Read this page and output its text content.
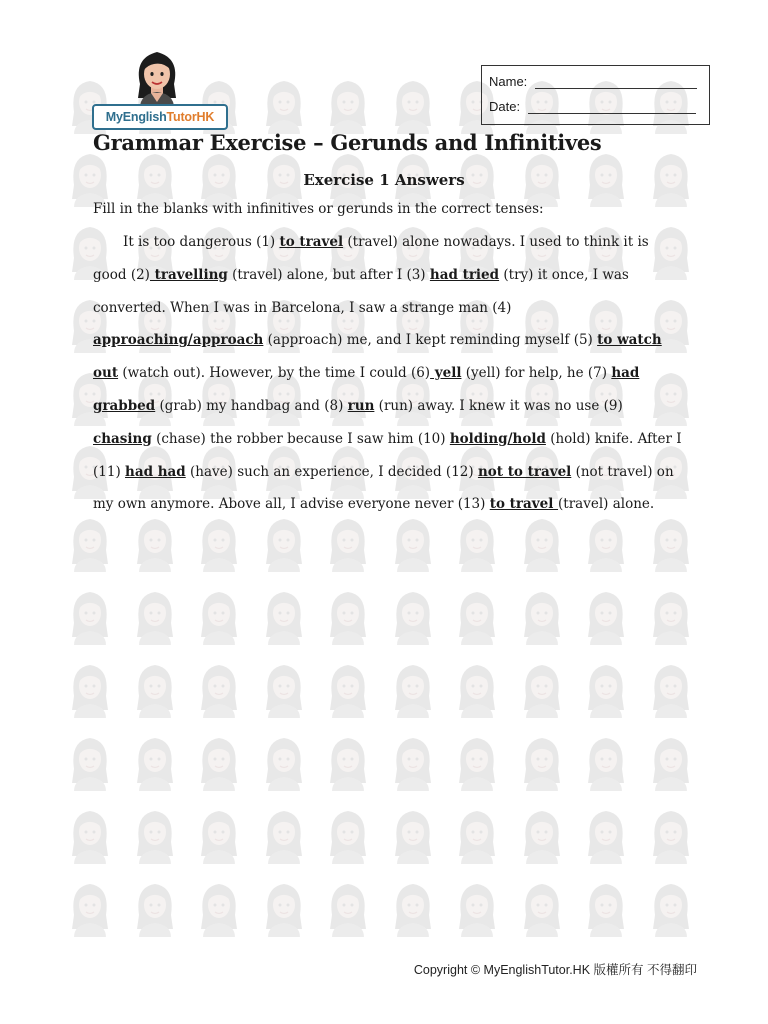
MyEnglish TutorHK
Name:
Date:
Grammar Exercise – Gerunds and Infinitives
Exercise 1 Answers

Fill in the blanks with infinitives or gerunds in the correct tenses:

It is too dangerous (1) to travel (travel) alone nowadays. I used to think it is good (2) travelling (travel) alone, but after I (3) had tried (try) it once, I was converted. When I was in Barcelona, I saw a strange man (4) approaching/approach (approach) me, and I kept reminding myself (5) to watch out (watch out). However, by the time I could (6) yell (yell) for help, he (7) had grabbed (grab) my handbag and (8) run (run) away. I knew it was no use (9) chasing (chase) the robber because I saw him (10) holding/hold (hold) knife. After I (11) had had (have) such an experience, I decided (12) not to travel (not travel) on my own anymore. Above all, I advise everyone never (13) to travel (travel) alone.

Copyright © MyEnglishTutor.HK 版權所有 不得翻印
